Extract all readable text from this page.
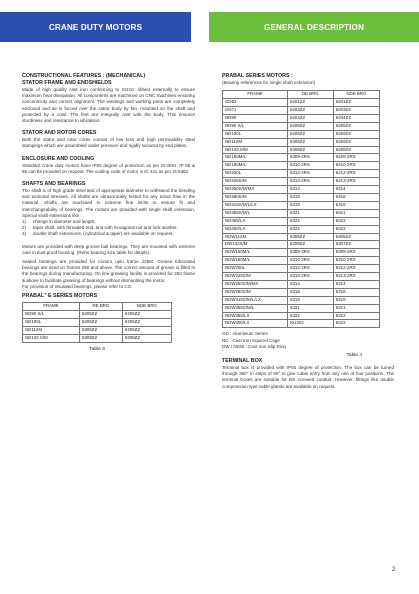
CRANE DUTY MOTORS	GENERAL DESCRIPTION
CONSTRUCTIONAL FEATURES : (MECHANICAL)
STATOR FRAME AND ENDSHIELDS

Made of high quality cast iron conforming to IS210, ribbed externally to ensure maximum heat dissipation. All components are machined on CNC machines ensuring concentricity and correct alignment. The windings and working parts are completely enclosed and air is forced over the stator body by fan, mounted on the shaft and protected by a cowl. The feet are integrally cast with the body. This ensures sturdiness and resistance to vibrations.

STATOR AND ROTOR CORES

Both the stator and rotor cores consist of low loss and high permeability steel stampings which are assembled under pressure and rigidly secured by end plates.

ENCLOSURE AND COOLING

Standard crane duty motors have IP55 degree of protection as per IS:4691. IP 56 & 66 can be provided on request. The cooling code of motor is IC 411 as per IS:6362.

SHAFTS AND BEARINGS

The shaft is of high grade steel and of appropriate diameter to withstand the bending and torsional stresses. All shafts are ultrasonically tested for any minor flaw in the material. Shafts are machined to extreme fine limits to ensure fit and interchangeability of bearings. The motors are provided with single shaft extension. Special shaft extensions like :

1)	change in diameter and length,
2)	taper shaft, with threaded end, and with hexagonal nut and lock washer.
3)	double shaft extensions, (cylindrical & taper) are available on request.

Motors are provided with deep groove ball bearings. They are mounted with extreme care in dust proof housing. (Refer bearing size table for details).

Sealed bearings are provided for motors upto frame 225M. Grease lubricated bearings are used on frames 250 and above. The correct amount of grease is filled in the bearings during manufacturing. On line greasing facility is provided for 250 frame & above to facilitate greasing of bearings without dismantling the motor.

For provision of insulated bearings, please refer to CG.

PRABAL" E SERIES MOTORS
FRAME	DE BRG	NDE BRG
ND90 S/L	6205ZZ	6205ZZ
ND100L	6206ZZ	6206ZZ
ND112M	6306ZZ	6206ZZ
ND132 S/M	6308ZZ	6208ZZ
Table 3
PRABAL SERIES MOTORS :

(Bearing references for single shaft extension)

FRAME	DE BRG	NDE BRG
GD63	6201ZZ	6201ZZ
GD71	6203ZZ	6203ZZ
ND80	6204ZZ	6204ZZ
ND90 S/L	6205ZZ	6205ZZ
ND100L	6206ZZ	6206ZZ
ND112M	6306ZZ	6206ZZ
ND132 S/M	6308ZZ	6208ZZ
ND160M/L	6309-2RS	6209-2RS
ND180M/L	6310-2RS	6210-2RS
ND200L	6312-2RS	6212-2RS
ND225S/M	6313-2RS	6213-2RS
ND250S/M/MX	6314	6314
ND280S/M	6318	6318
ND315S/M/L/LX	6319	6319
ND355S/M/L	6321	6321
ND355/LX	6322	6322
ND400/LX	6322	6322
NDW112M	6306ZZ	6305ZZ
DW132S/M	6208ZZ	6307ZZ
NDW160M/L	6309-2RS	6309-2RS
NDW180M/L	6310-2RS	6310-2RS
NDW200L	6312-2RS	6312-2RS
NDW225S/M	6313-2RS	6313-2RS
NDW250S/M/MX	6314	6314
NDW280S/M	6318	6318
NDW315S/M/L/LX	6319	6319
NDW355S/M/L	6321	6321
NDW355/LX	6322	6322
NDW400/LX	NU322	6322

GD : Aluminium Series

ND : Cast Iron Squirrel Cage

DW / NDW : Cast Iron Slip Ring

Table 4
TERMINAL BOX

Terminal box is provided with IP55 degree of protection. The box can be turned through 360° in steps of 90° to give cable entry from any one of four positions. The terminal boxes are suitable for BS screwed conduit. However, fittings like double compression type cable glands are available on request.

2
